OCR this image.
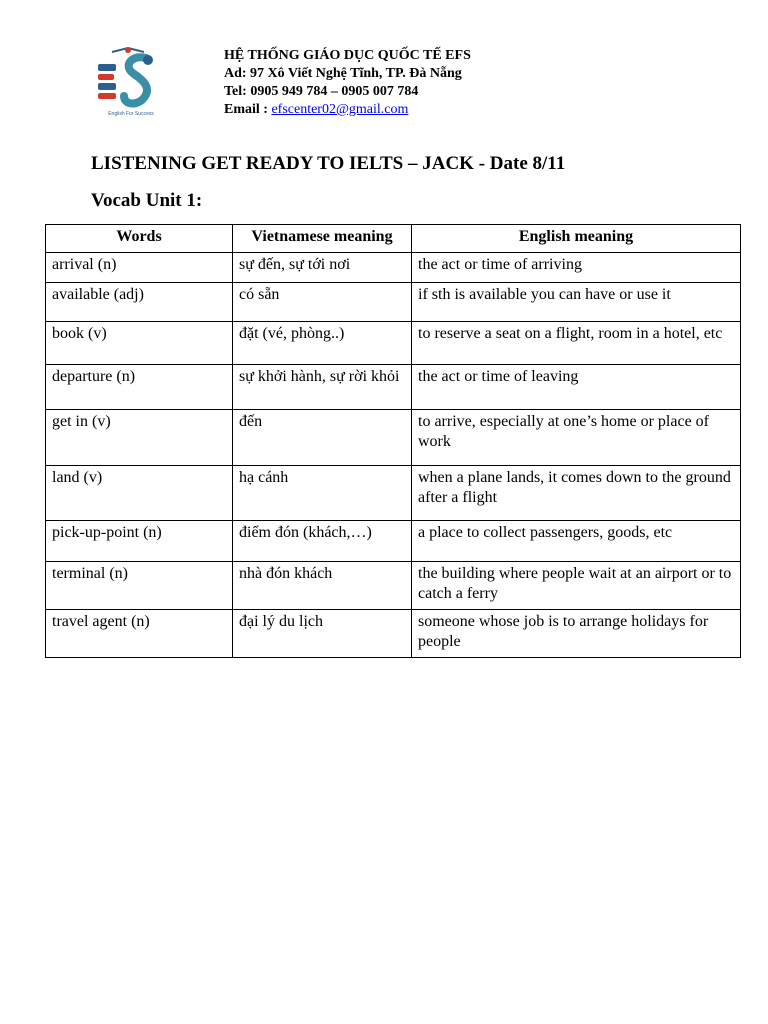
English For Success
HỆ THỐNG GIÁO DỤC QUỐC TẾ EFS
Ad: 97 Xô Viết Nghệ Tĩnh, TP. Đà Nẵng
Tel: 0905 949 784 – 0905 007 784
Email : efscenter02@gmail.com
LISTENING GET READY TO IELTS – JACK - Date 8/11
Vocab Unit 1:
Words	Vietnamese meaning	English meaning
arrival (n)	sự đến, sự tới nơi	the act or time of arriving
available (adj)	có sẵn	if sth is available you can have or use it
book (v)	đặt (vé, phòng..)	to reserve a seat on a flight, room in a hotel, etc
departure (n)	sự khởi hành, sự rời khỏi	the act or time of leaving
get in (v)	đến	to arrive, especially at one’s home or place of work
land (v)	hạ cánh	when a plane lands, it comes down to the ground after a flight
pick-up-point (n)	điểm đón (khách,…)	a place to collect passengers, goods, etc
terminal (n)	nhà đón khách	the building where people wait at an airport or to catch a ferry
travel agent (n)	đại lý du lịch	someone whose job is to arrange holidays for people
